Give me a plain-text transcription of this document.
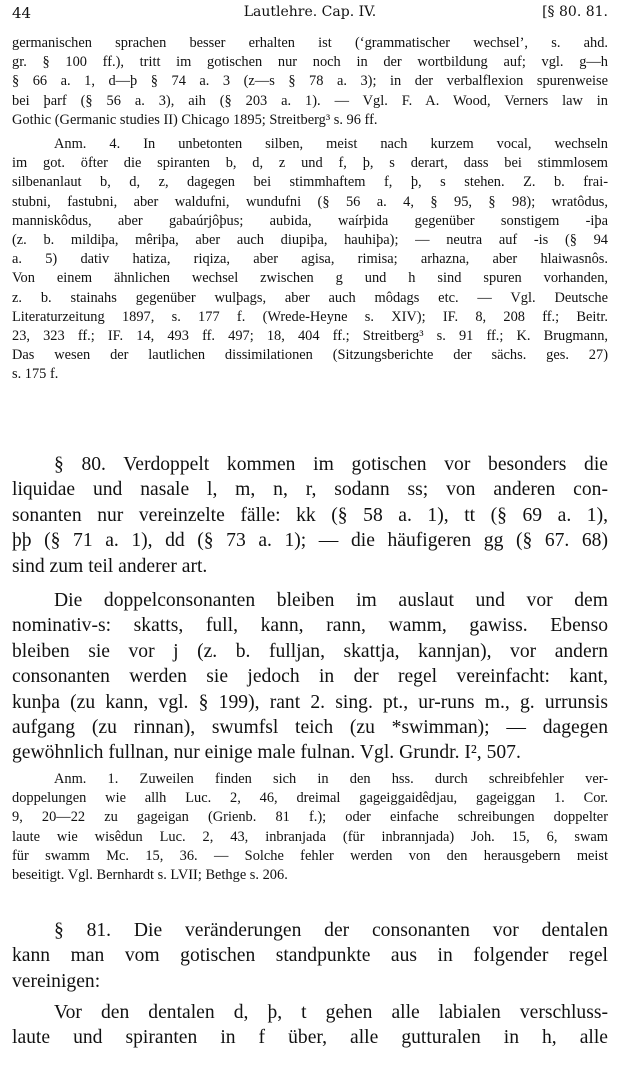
44	Lautlehre. Cap. IV.	[§ 80. 81.
germanischen sprachen besser erhalten ist (‘grammatischer wechsel’, s. ahd.
gr. § 100 ff.), tritt im gotischen nur noch in der wortbildung auf; vgl. g—h
§ 66 a. 1, d—þ § 74 a. 3 (z—s § 78 a. 3); in der verbalflexion spurenweise
bei þarf (§ 56 a. 3), aih (§ 203 a. 1). — Vgl. F. A. Wood, Verners law in
Gothic (Germanic studies II) Chicago 1895; Streitberg³ s. 96 ff.
Anm. 4. In unbetonten silben, meist nach kurzem vocal, wechseln
im got. öfter die spiranten b, d, z und f, þ, s derart, dass bei stimmlosem
silbenanlaut b, d, z, dagegen bei stimmhaftem f, þ, s stehen. Z. b. frai-
stubni, fastubni, aber waldufni, wundufni (§ 56 a. 4, § 95, § 98); wratôdus,
manniskôdus, aber gabaúrjôþus; aubida, waírþida gegenüber sonstigem -iþa
(z. b. mildiþa, mêriþa, aber auch diupiþa, hauhiþa); — neutra auf -is (§ 94
a. 5) dativ hatiza, riqiza, aber agisa, rimisa; arhazna, aber hlaiwasnôs.
Von einem ähnlichen wechsel zwischen g und h sind spuren vorhanden,
z. b. stainahs gegenüber wulþags, aber auch môdags etc. — Vgl. Deutsche
Literaturzeitung 1897, s. 177 f. (Wrede-Heyne s. XIV); IF. 8, 208 ff.; Beitr.
23, 323 ff.; IF. 14, 493 ff. 497; 18, 404 ff.; Streitberg³ s. 91 ff.; K. Brugmann,
Das wesen der lautlichen dissimilationen (Sitzungsberichte der sächs. ges. 27)
s. 175 f.
§ 80. Verdoppelt kommen im gotischen vor besonders die
liquidae und nasale l, m, n, r, sodann ss; von anderen con-
sonanten nur vereinzelte fälle: kk (§ 58 a. 1), tt (§ 69 a. 1),
þþ (§ 71 a. 1), dd (§ 73 a. 1); — die häufigeren gg (§ 67. 68)
sind zum teil anderer art.
Die doppelconsonanten bleiben im auslaut und vor dem
nominativ-s: skatts, full, kann, rann, wamm, gawiss. Ebenso
bleiben sie vor j (z. b. fulljan, skattja, kannjan), vor andern
consonanten werden sie jedoch in der regel vereinfacht: kant,
kunþa (zu kann, vgl. § 199), rant 2. sing. pt., ur-runs m., g. urrunsis
aufgang (zu rinnan), swumfsl teich (zu *swimman); — dagegen
gewöhnlich fullnan, nur einige male fulnan. Vgl. Grundr. I², 507.
Anm. 1. Zuweilen finden sich in den hss. durch schreibfehler ver-
doppelungen wie allh Luc. 2, 46, dreimal gageiggaidêdjau, gageiggan 1. Cor.
9, 20—22 zu gageigan (Grienb. 81 f.); oder einfache schreibungen doppelter
laute wie wisêdun Luc. 2, 43, inbranjada (für inbrannjada) Joh. 15, 6, swam
für swamm Mc. 15, 36. — Solche fehler werden von den herausgebern meist
beseitigt. Vgl. Bernhardt s. LVII; Bethge s. 206.
§ 81. Die veränderungen der consonanten vor dentalen
kann man vom gotischen standpunkte aus in folgender regel
vereinigen:
Vor den dentalen d, þ, t gehen alle labialen verschluss-
laute und spiranten in f über, alle gutturalen in h, alle
